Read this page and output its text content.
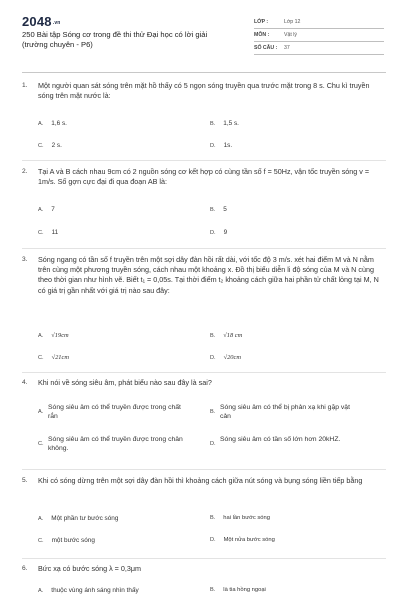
2048.vn
250 Bài tập Sóng cơ trong đề thi thử Đại học có lời giải (trường chuyên - P6)
LỚP :	Lớp 12
MÔN :	Vật lý
SỐ CÂU :	37
1. Một người quan sát sóng trên mặt hồ thấy có 5 ngọn sóng truyền qua trước mặt trong 8 s. Chu kì truyền sóng trên mặt nước là:
A. 1,6 s.	B. 1,5 s.
C. 2 s.	D. 1s.
2. Tại A và B cách nhau 9cm có 2 nguồn sóng cơ kết hợp có cùng tần số f = 50Hz, vận tốc truyền sóng v = 1m/s. Số gợn cực đại đi qua đoạn AB là:
A. 7	B. 5
C. 11	D. 9
3. Sóng ngang có tần số f truyền trên một sợi dây đàn hồi rất dài, với tốc độ 3 m/s. xét hai điểm M và N nằm trên cùng một phương truyền sóng, cách nhau một khoảng x. Đồ thị biểu diễn li độ sóng của M và N cùng theo thời gian như hình vẽ. Biết t₁ = 0,05s. Tại thời điểm t₂ khoảng cách giữa hai phần tử chất lỏng tại M, N có giá trị gần nhất với giá trị nào sau đây:
A. √19cm	B. √18 cm
C. √21cm	D. √20cm
4. Khi nói về sóng siêu âm, phát biểu nào sau đây là sai?
A.
Sóng siêu âm có thể truyền được trong chất rắn
B.
Sóng siêu âm có thể bị phản xạ khi gặp vật cản
C.
Sóng siêu âm có thể truyền được trong chân không.
D.
Sóng siêu âm có tần số lớn hơn 20kHZ.
5. Khi có sóng dừng trên một sợi dây đàn hồi thì khoảng cách giữa nút sóng và bụng sóng liền tiếp bằng
A. Một phần tư bước sóng	B. hai lần bước sóng
C. một bước sóng	D. Một nửa bước sóng
6. Bức xạ có bước sóng λ = 0,3μm
A. thuộc vùng ánh sáng nhìn thấy	B. là tia hồng ngoại
